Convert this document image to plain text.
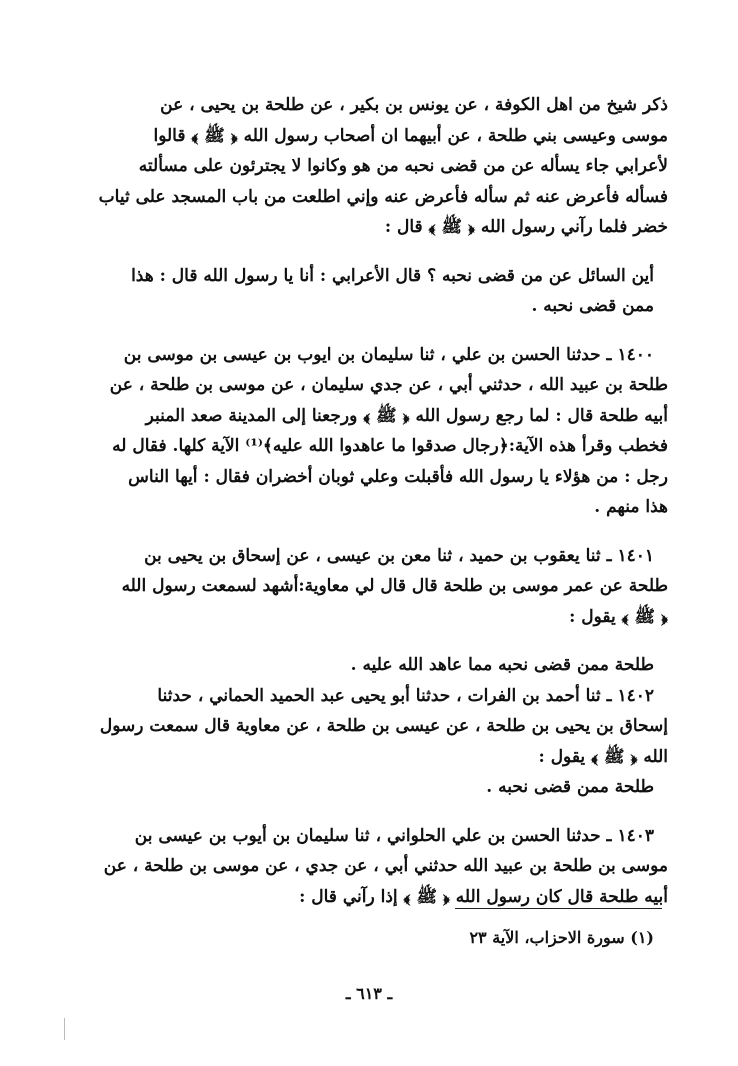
ذكر شيخ من اهل الكوفة ، عن يونس بن بكير ، عن طلحة بن يحيى ، عن
موسى وعيسى بني طلحة ، عن أبيهما ان أصحاب رسول الله ﴿ ﷺ ﴾ قالوا
لأعرابي جاء يسأله عن من قضى نحبه من هو وكانوا لا يجترئون على مسألته
فسأله فأعرض عنه ثم سأله فأعرض عنه وإني اطلعت من باب المسجد على ثياب
خضر فلما رآني رسول الله ﴿ ﷺ ﴾ قال :
أين السائل عن من قضى نحبه ؟ قال الأعرابي : أنا يا رسول الله قال : هذا
ممن قضى نحبه .
١٤٠٠ ـ حدثنا الحسن بن علي ، ثنا سليمان بن ايوب بن عيسى بن موسى بن
طلحة بن عبيد الله ، حدثني أبي ، عن جدي سليمان ، عن موسى بن طلحة ، عن
أبيه طلحة قال : لما رجع رسول الله ﴿ ﷺ ﴾ ورجعنا إلى المدينة صعد المنبر
فخطب وقرأ هذه الآية:﴿رجال صدقوا ما عاهدوا الله عليه﴾⁽¹⁾ الآية كلها. فقال له
رجل : من هؤلاء يا رسول الله فأقبلت وعلي ثوبان أخضران فقال : أيها الناس
هذا منهم .
١٤٠١ ـ ثنا يعقوب بن حميد ، ثنا معن بن عيسى ، عن إسحاق بن يحيى بن
طلحة عن عمر موسى بن طلحة قال قال لي معاوية:أشهد لسمعت رسول الله
﴿ ﷺ ﴾ يقول :
طلحة ممن قضى نحبه مما عاهد الله عليه .
١٤٠٢ ـ ثنا أحمد بن الفرات ، حدثنا أبو يحيى عبد الحميد الحماني ، حدثنا
إسحاق بن يحيى بن طلحة ، عن عيسى بن طلحة ، عن معاوية قال سمعت رسول
الله ﴿ ﷺ ﴾ يقول :
طلحة ممن قضى نحبه .
١٤٠٣ ـ حدثنا الحسن بن علي الحلواني ، ثنا سليمان بن أيوب بن عيسى بن
موسى بن طلحة بن عبيد الله حدثني أبي ، عن جدي ، عن موسى بن طلحة ، عن
أبيه طلحة قال كان رسول الله ﴿ ﷺ ﴾ إذا رآني قال :
(١) سورة الاحزاب، الآية ٢٣
ـ ٦١٣ ـ
